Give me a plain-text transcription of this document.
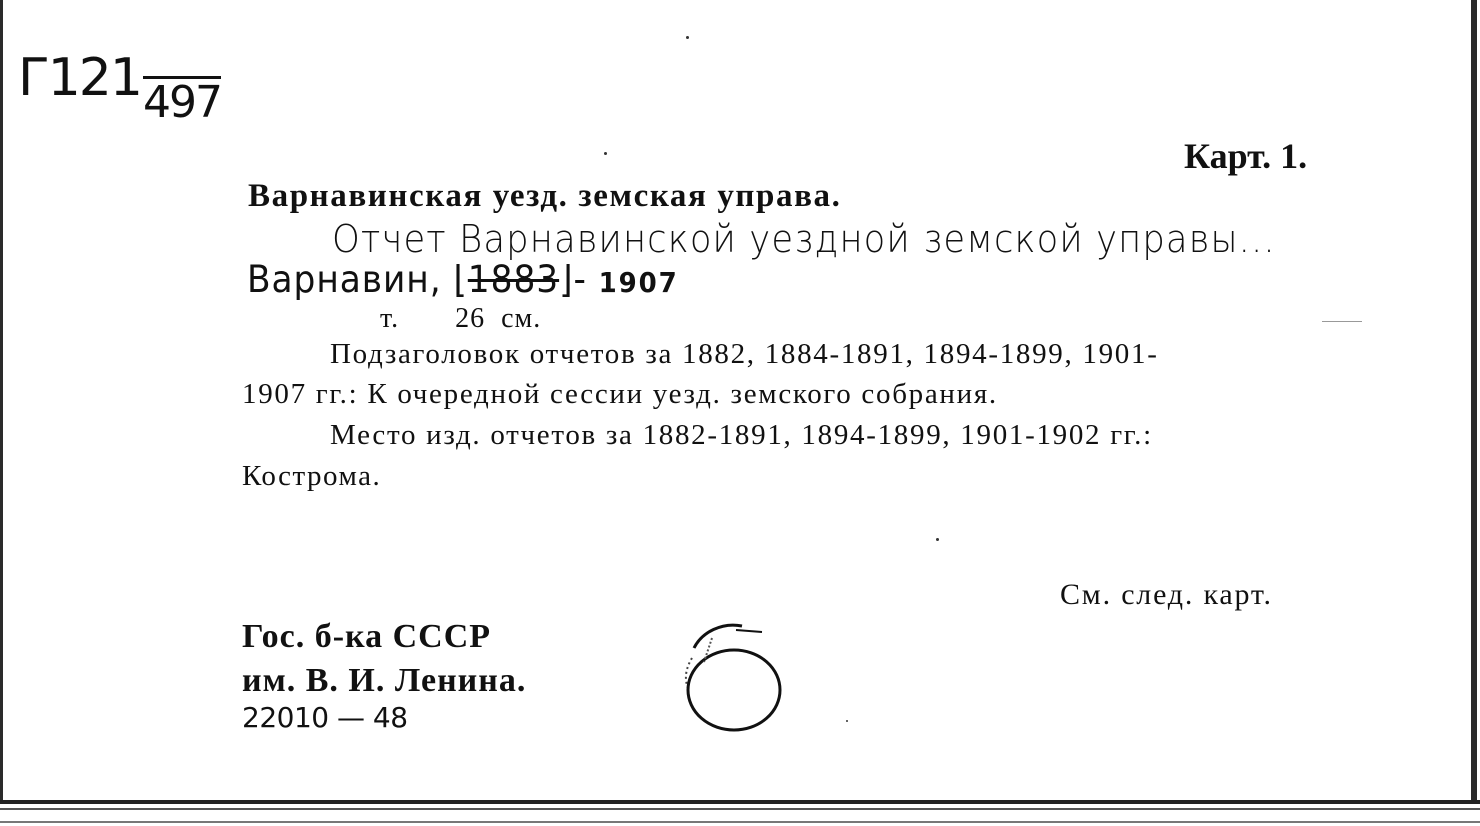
Г121497
Карт. 1.
Варнавинская уезд. земская управа.
Отчет Варнавинской уездной земской управы...
Варнавин, ⌊1883⌋- 1907
т.       26  см.
Подзаголовок отчетов за 1882, 1884-1891, 1894-1899, 1901-
1907 гг.: К очередной сессии уезд. земского собрания.
Место изд. отчетов за 1882-1891, 1894-1899, 1901-1902 гг.:
Кострома.
См. след. карт.
Гос. б-ка СССР
им. В. И. Ленина.
22010 — 48
